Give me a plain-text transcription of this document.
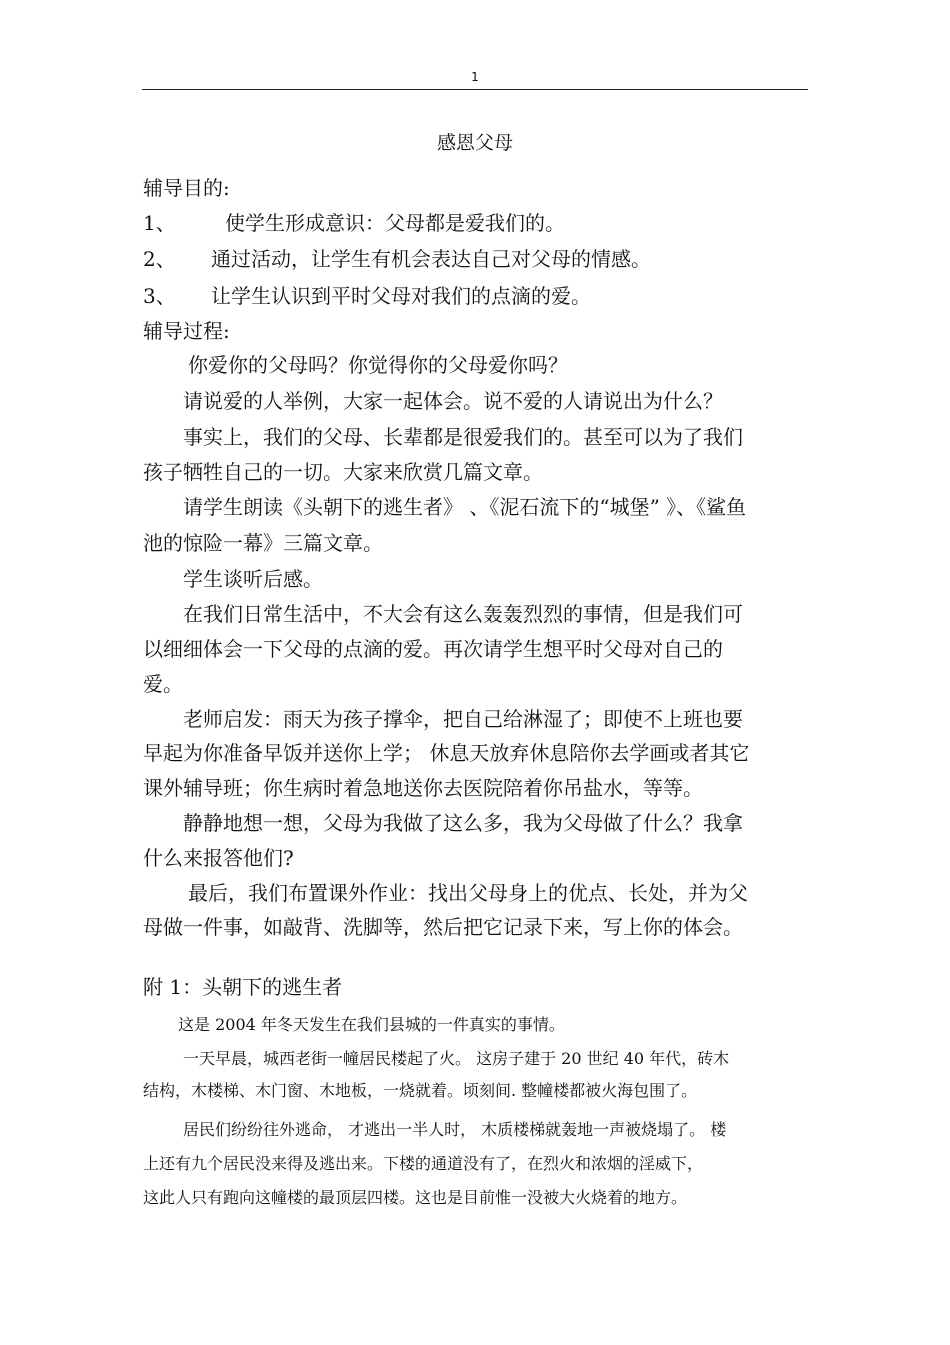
1
感恩父母
辅导目的:
1、 使学生形成意识：父母都是爱我们的。
2、 通过活动，让学生有机会表达自己对父母的情感。
3、 让学生认识到平时父母对我们的点滴的爱。
辅导过程:
你爱你的父母吗？你觉得你的父母爱你吗？
请说爱的人举例，大家一起体会。说不爱的人请说出为什么？
事实上，我们的父母、长辈都是很爱我们的。甚至可以为了我们
孩子牺牲自己的一切。大家来欣赏几篇文章。
请学生朗读《头朝下的逃生者》 、《泥石流下的“城堡” 》、《鲨鱼
池的惊险一幕》三篇文章。
学生谈听后感。
在我们日常生活中，不大会有这么轰轰烈烈的事情，但是我们可
以细细体会一下父母的点滴的爱。再次请学生想平时父母对自己的
爱。
老师启发：雨天为孩子撑伞，把自己给淋湿了；即使不上班也要
早起为你准备早饭并送你上学； 休息天放弃休息陪你去学画或者其它
课外辅导班；你生病时着急地送你去医院陪着你吊盐水，等等。
静静地想一想，父母为我做了这么多，我为父母做了什么？我拿
什么来报答他们?
最后，我们布置课外作业：找出父母身上的优点、长处，并为父
母做一件事，如敲背、洗脚等，然后把它记录下来，写上你的体会。
附 1：头朝下的逃生者
这是 2004 年冬天发生在我们县城的一件真实的事情。
一天早晨，城西老街一幢居民楼起了火。 这房子建于 20 世纪 40 年代，砖木
结构，木楼梯、木门窗、木地板，一烧就着。顷刻间. 整幢楼都被火海包围了。
居民们纷纷往外逃命， 才逃出一半人时， 木质楼梯就轰地一声被烧塌了。 楼
上还有九个居民没来得及逃出来。下楼的通道没有了，在烈火和浓烟的淫威下，
这此人只有跑向这幢楼的最顶层四楼。这也是目前惟一没被大火烧着的地方。
